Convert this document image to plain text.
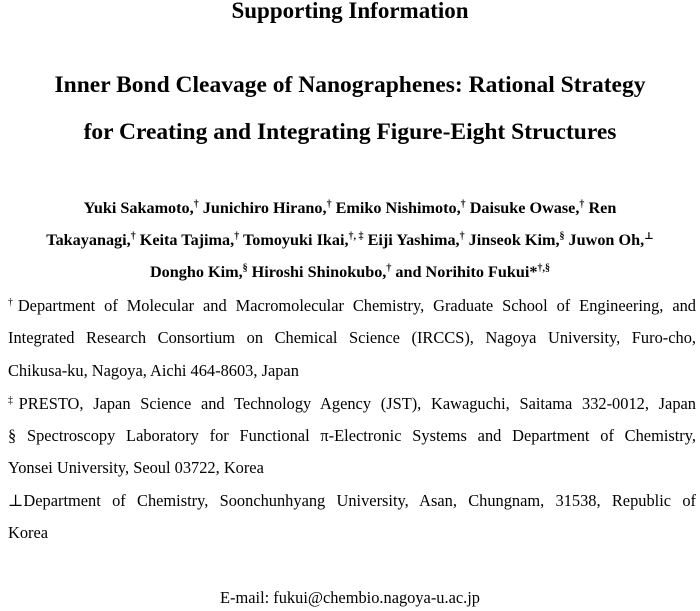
Supporting Information
Inner Bond Cleavage of Nanographenes: Rational Strategy
for Creating and Integrating Figure-Eight Structures
Yuki Sakamoto,† Junichiro Hirano,† Emiko Nishimoto,† Daisuke Owase,† Ren
Takayanagi,† Keita Tajima,† Tomoyuki Ikai,†, ‡ Eiji Yashima,† Jinseok Kim,§ Juwon Oh,⊥
Dongho Kim,§ Hiroshi Shinokubo,† and Norihito Fukui*†,§
†Department of Molecular and Macromolecular Chemistry, Graduate School of Engineering, and
Integrated Research Consortium on Chemical Science (IRCCS), Nagoya University, Furo-cho,
Chikusa-ku, Nagoya, Aichi 464-8603, Japan
‡PRESTO, Japan Science and Technology Agency (JST), Kawaguchi, Saitama 332-0012, Japan
§ Spectroscopy Laboratory for Functional π-Electronic Systems and Department of Chemistry,
Yonsei University, Seoul 03722, Korea
⊥Department of Chemistry, Soonchunhyang University, Asan, Chungnam, 31538, Republic of
Korea
E-mail: fukui@chembio.nagoya-u.ac.jp
